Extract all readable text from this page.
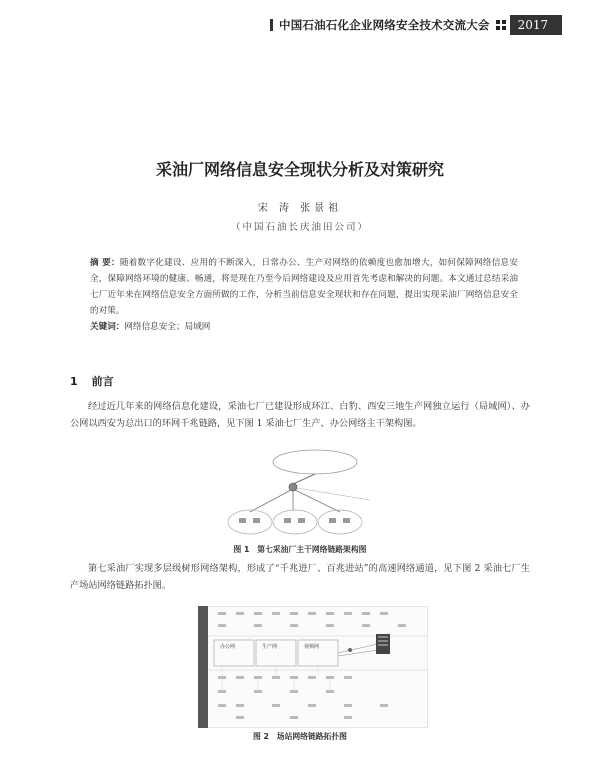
中国石油石化企业网络安全技术交流大会	2017
采油厂网络信息安全现状分析及对策研究
宋 涛 张景祖
（中国石油长庆油田公司）
摘 要：随着数字化建设、应用的不断深入，日常办公、生产对网络的依赖度也愈加增大，如何保障网络信息安全，保障网络环境的健康、畅通，将是现在乃至今后网络建设及应用首先考虑和解决的问题。本文通过总结采油七厂近年来在网络信息安全方面所做的工作，分析当前信息安全现状和存在问题，提出实现采油厂网络信息安全的对策。
关键词：网络信息安全；局域网
1 前言
经过近几年来的网络信息化建设，采油七厂已建设形成环江、白豹、西安三地生产网独立运行（局域网）、办公网以西安为总出口的环网千兆链路，见下图 1 采油七厂生产、办公网络主干架构图。
图 1　第七采油厂主干网络链路架构图
第七采油厂实现多层级树形网络架构，形成了“千兆进厂、百兆进站”的高速网络通道，见下图 2 采油七厂生产场站网络链路拓扑图。
办公网	生产网	视频网
图 2　场站网络链路拓扑图
